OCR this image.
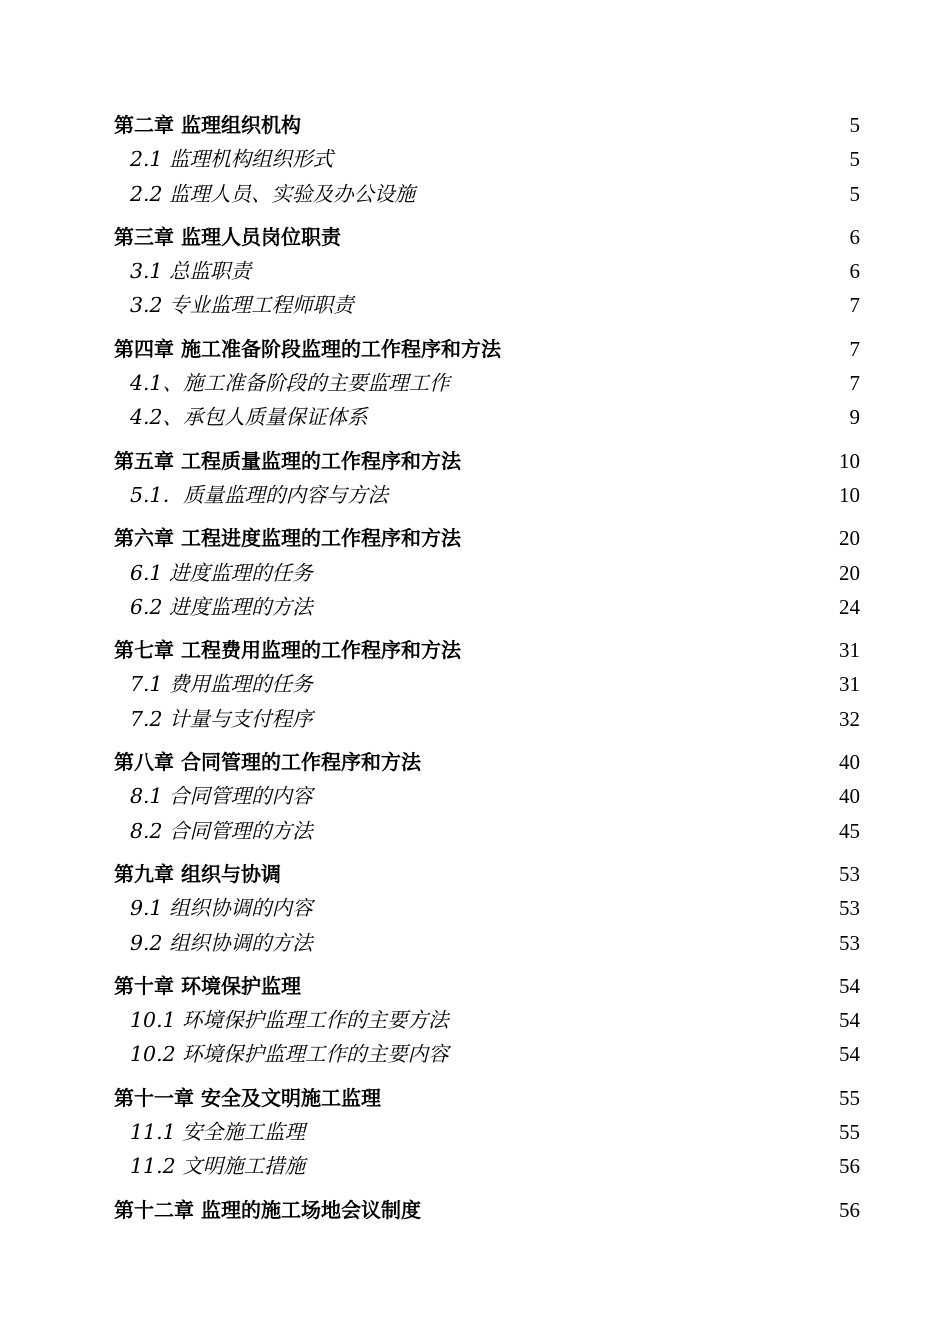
第二章 监理组织机构	5
2.1 监理机构组织形式	5
2.2 监理人员、实验及办公设施	5
第三章 监理人员岗位职责	6
3.1 总监职责	6
3.2 专业监理工程师职责	7
第四章 施工准备阶段监理的工作程序和方法	7
4.1、施工准备阶段的主要监理工作	7
4.2、承包人质量保证体系	9
第五章 工程质量监理的工作程序和方法	10
5.1．质量监理的内容与方法	10
第六章 工程进度监理的工作程序和方法	20
6.1 进度监理的任务	20
6.2 进度监理的方法	24
第七章 工程费用监理的工作程序和方法	31
7.1 费用监理的任务	31
7.2 计量与支付程序	32
第八章 合同管理的工作程序和方法	40
8.1 合同管理的内容	40
8.2 合同管理的方法	45
第九章 组织与协调	53
9.1 组织协调的内容	53
9.2 组织协调的方法	53
第十章 环境保护监理	54
10.1 环境保护监理工作的主要方法	54
10.2 环境保护监理工作的主要内容	54
第十一章 安全及文明施工监理	55
11.1 安全施工监理	55
11.2 文明施工措施	56
第十二章 监理的施工场地会议制度	56
